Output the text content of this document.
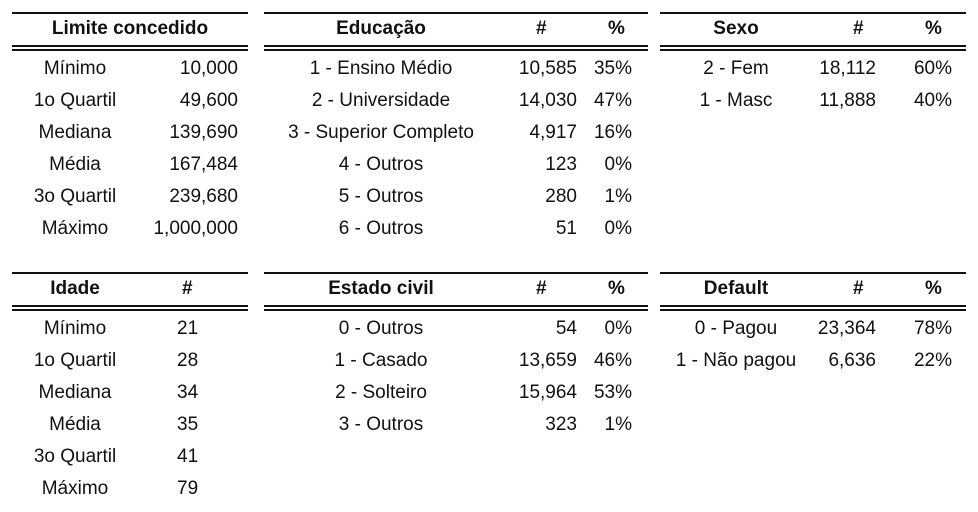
Limite concedido
Mínimo	10,000
1o Quartil	49,600
Mediana	139,690
Média	167,484
3o Quartil	239,680
Máximo	1,000,000
Educação	#	%
1 - Ensino Médio	10,585 35%
2 - Universidade	14,030 47%
3 - Superior Completo	4,917 16%
4 - Outros	123 0%
5 - Outros	280 1%
6 - Outros	51 0%
Sexo	#	%
2 - Fem	18,112 60%
1 - Masc	11,888 40%
Idade	#
Mínimo	21
1o Quartil	28
Mediana	34
Média	35
3o Quartil	41
Máximo	79
Estado civil	#	%
0 - Outros	54 0%
1 - Casado	13,659 46%
2 - Solteiro	15,964 53%
3 - Outros	323 1%
Default	#	%
0 - Pagou	23,364 78%
1 - Não pagou	6,636 22%
